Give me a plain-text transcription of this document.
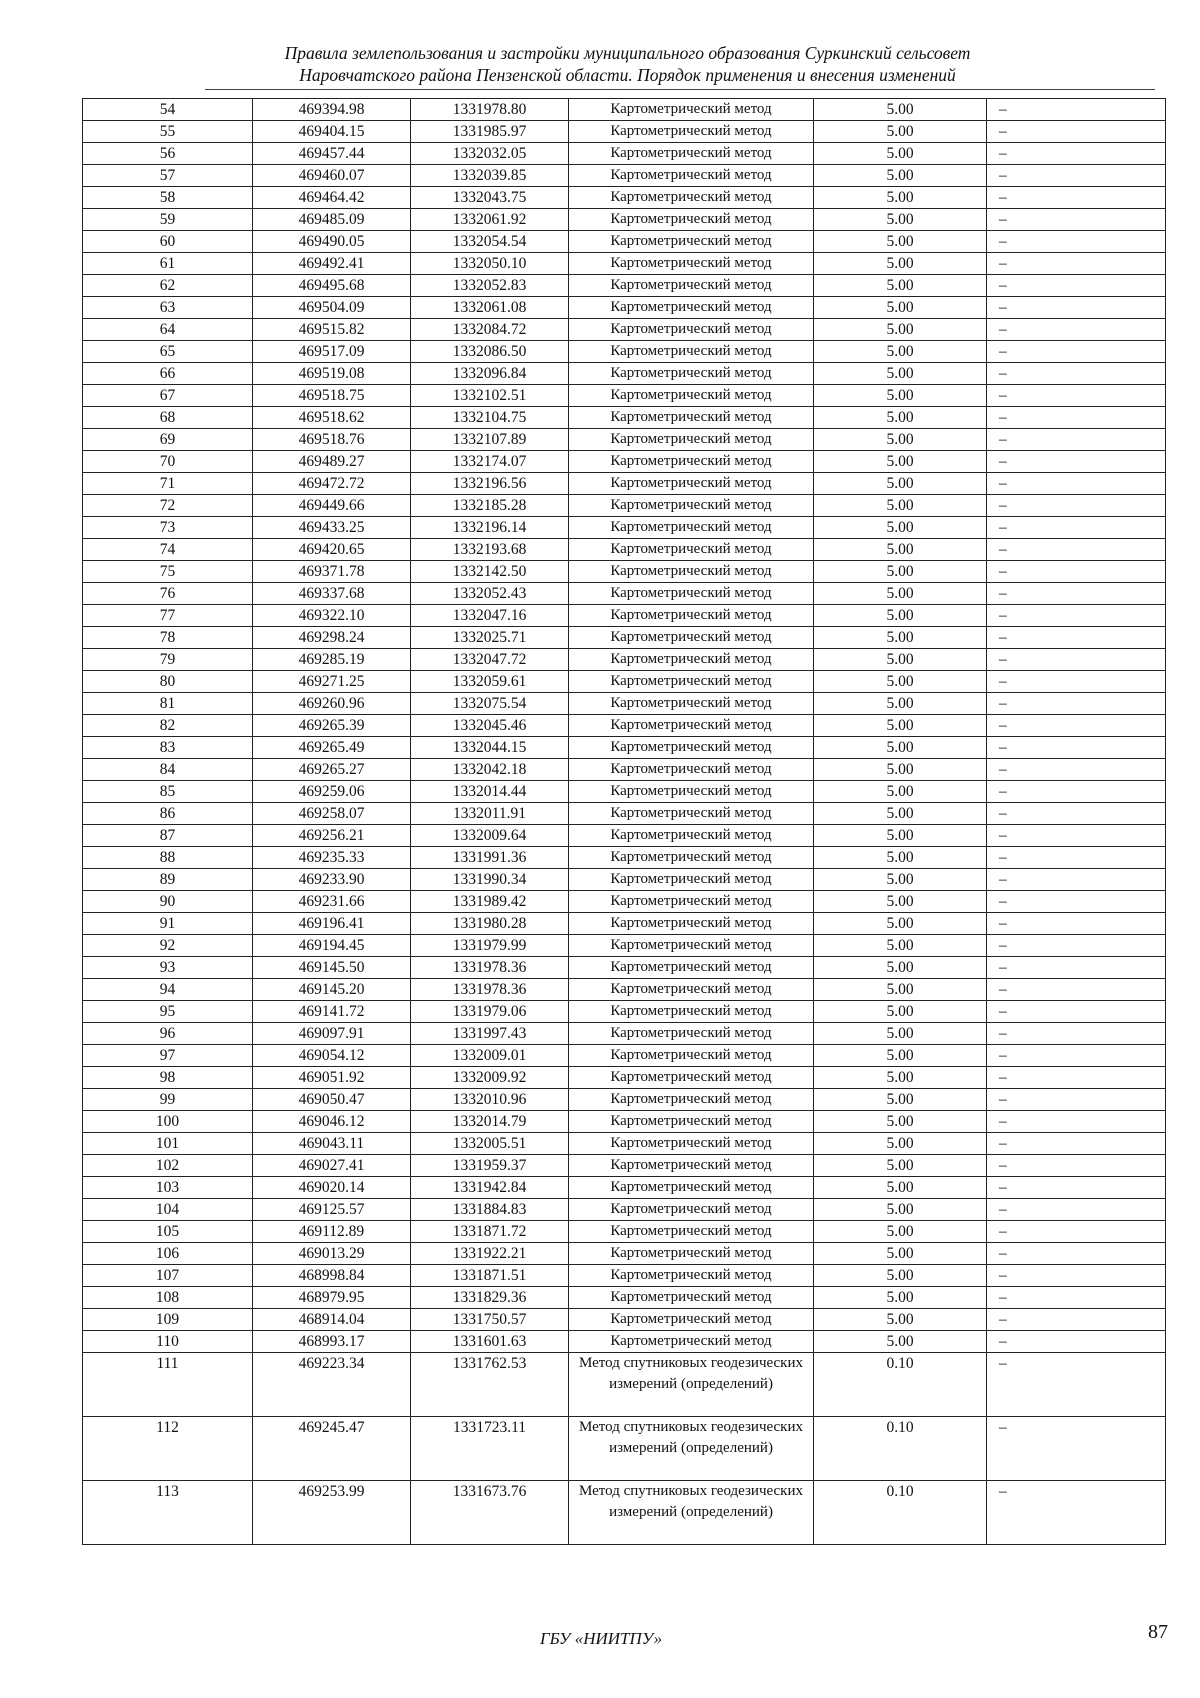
Правила землепользования и застройки муниципального образования Суркинский сельсовет
Наровчатского района Пензенской области. Порядок применения и внесения изменений
54	469394.98	1331978.80	Картометрический метод	5.00	–
55	469404.15	1331985.97	Картометрический метод	5.00	–
56	469457.44	1332032.05	Картометрический метод	5.00	–
57	469460.07	1332039.85	Картометрический метод	5.00	–
58	469464.42	1332043.75	Картометрический метод	5.00	–
59	469485.09	1332061.92	Картометрический метод	5.00	–
60	469490.05	1332054.54	Картометрический метод	5.00	–
61	469492.41	1332050.10	Картометрический метод	5.00	–
62	469495.68	1332052.83	Картометрический метод	5.00	–
63	469504.09	1332061.08	Картометрический метод	5.00	–
64	469515.82	1332084.72	Картометрический метод	5.00	–
65	469517.09	1332086.50	Картометрический метод	5.00	–
66	469519.08	1332096.84	Картометрический метод	5.00	–
67	469518.75	1332102.51	Картометрический метод	5.00	–
68	469518.62	1332104.75	Картометрический метод	5.00	–
69	469518.76	1332107.89	Картометрический метод	5.00	–
70	469489.27	1332174.07	Картометрический метод	5.00	–
71	469472.72	1332196.56	Картометрический метод	5.00	–
72	469449.66	1332185.28	Картометрический метод	5.00	–
73	469433.25	1332196.14	Картометрический метод	5.00	–
74	469420.65	1332193.68	Картометрический метод	5.00	–
75	469371.78	1332142.50	Картометрический метод	5.00	–
76	469337.68	1332052.43	Картометрический метод	5.00	–
77	469322.10	1332047.16	Картометрический метод	5.00	–
78	469298.24	1332025.71	Картометрический метод	5.00	–
79	469285.19	1332047.72	Картометрический метод	5.00	–
80	469271.25	1332059.61	Картометрический метод	5.00	–
81	469260.96	1332075.54	Картометрический метод	5.00	–
82	469265.39	1332045.46	Картометрический метод	5.00	–
83	469265.49	1332044.15	Картометрический метод	5.00	–
84	469265.27	1332042.18	Картометрический метод	5.00	–
85	469259.06	1332014.44	Картометрический метод	5.00	–
86	469258.07	1332011.91	Картометрический метод	5.00	–
87	469256.21	1332009.64	Картометрический метод	5.00	–
88	469235.33	1331991.36	Картометрический метод	5.00	–
89	469233.90	1331990.34	Картометрический метод	5.00	–
90	469231.66	1331989.42	Картометрический метод	5.00	–
91	469196.41	1331980.28	Картометрический метод	5.00	–
92	469194.45	1331979.99	Картометрический метод	5.00	–
93	469145.50	1331978.36	Картометрический метод	5.00	–
94	469145.20	1331978.36	Картометрический метод	5.00	–
95	469141.72	1331979.06	Картометрический метод	5.00	–
96	469097.91	1331997.43	Картометрический метод	5.00	–
97	469054.12	1332009.01	Картометрический метод	5.00	–
98	469051.92	1332009.92	Картометрический метод	5.00	–
99	469050.47	1332010.96	Картометрический метод	5.00	–
100	469046.12	1332014.79	Картометрический метод	5.00	–
101	469043.11	1332005.51	Картометрический метод	5.00	–
102	469027.41	1331959.37	Картометрический метод	5.00	–
103	469020.14	1331942.84	Картометрический метод	5.00	–
104	469125.57	1331884.83	Картометрический метод	5.00	–
105	469112.89	1331871.72	Картометрический метод	5.00	–
106	469013.29	1331922.21	Картометрический метод	5.00	–
107	468998.84	1331871.51	Картометрический метод	5.00	–
108	468979.95	1331829.36	Картометрический метод	5.00	–
109	468914.04	1331750.57	Картометрический метод	5.00	–
110	468993.17	1331601.63	Картометрический метод	5.00	–
111	469223.34	1331762.53	Метод спутниковых геодезических измерений (определений)	0.10	–
112	469245.47	1331723.11	Метод спутниковых геодезических измерений (определений)	0.10	–
113	469253.99	1331673.76	Метод спутниковых геодезических измерений (определений)	0.10	–
ГБУ «НИИТПУ»	87
